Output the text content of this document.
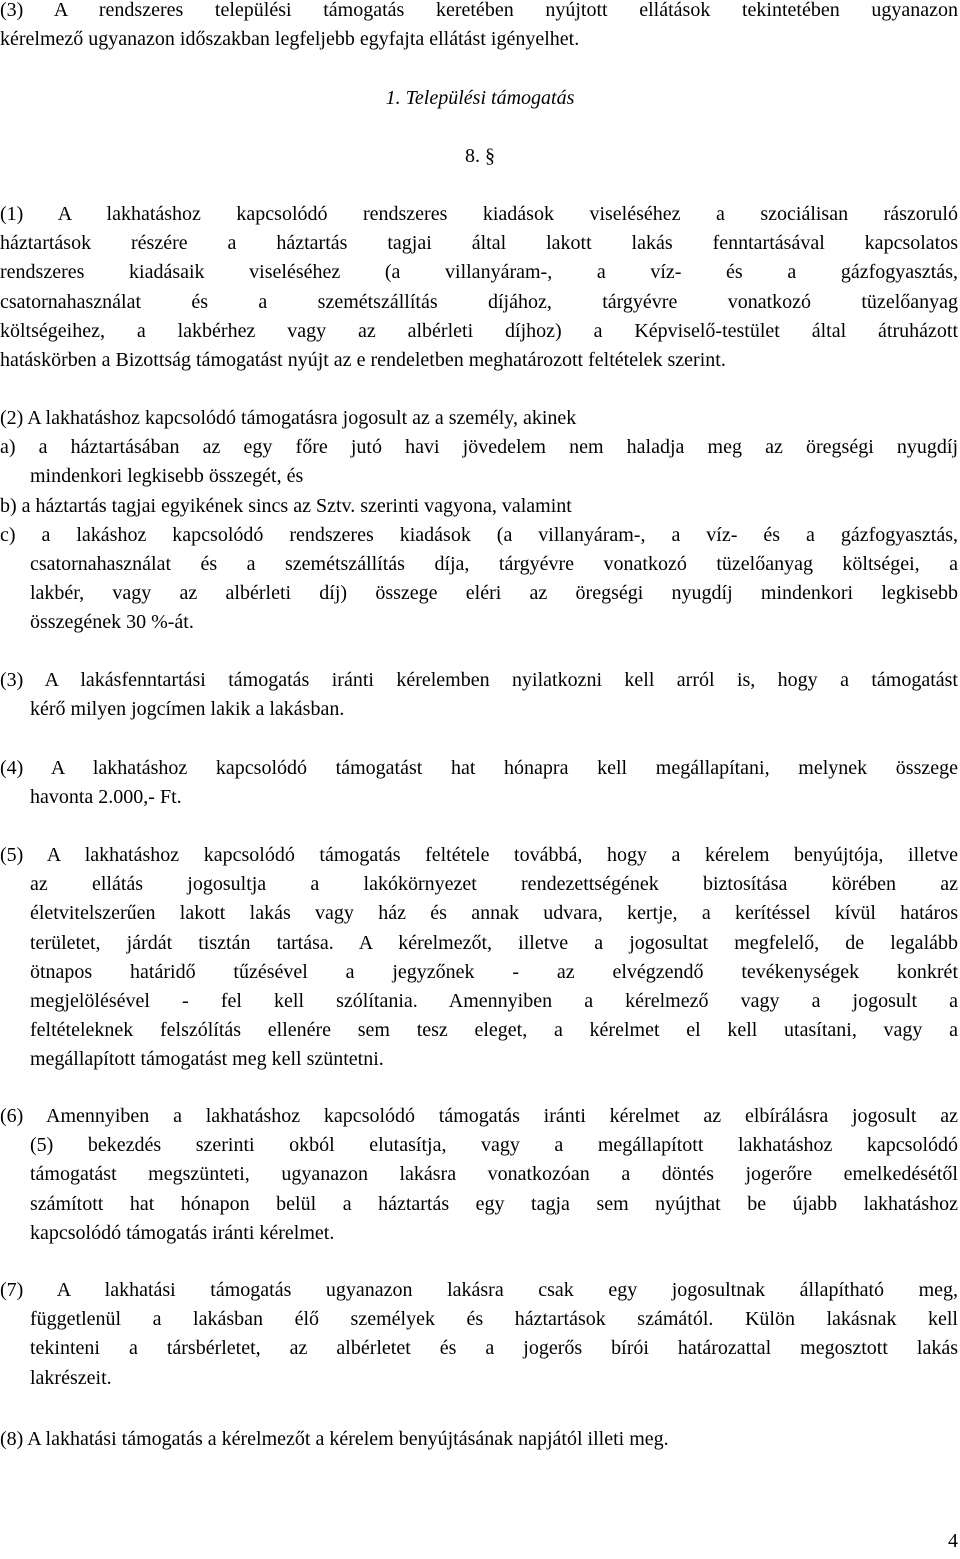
(3) A rendszeres települési támogatás keretében nyújtott ellátások tekintetében ugyanazon
kérelmező ugyanazon időszakban legfeljebb egyfajta ellátást igényelhet.
1. Települési támogatás
8. §
(1) A lakhatáshoz kapcsolódó rendszeres kiadások viseléséhez a szociálisan rászoruló
háztartások részére a háztartás tagjai által lakott lakás fenntartásával kapcsolatos
rendszeres kiadásaik viseléséhez (a villanyáram-, a víz- és a gázfogyasztás,
csatornahasználat és a szemétszállítás díjához, tárgyévre vonatkozó tüzelőanyag
költségeihez, a lakbérhez vagy az albérleti díjhoz) a Képviselő-testület által átruházott
hatáskörben a Bizottság támogatást nyújt az e rendeletben meghatározott feltételek szerint.
(2) A lakhatáshoz kapcsolódó támogatásra jogosult az a személy, akinek
a) a háztartásában az egy főre jutó havi jövedelem nem haladja meg az öregségi nyugdíj
mindenkori legkisebb összegét, és
b) a háztartás tagjai egyikének sincs az Sztv. szerinti vagyona, valamint
c) a lakáshoz kapcsolódó rendszeres kiadások (a villanyáram-, a víz- és a gázfogyasztás,
csatornahasználat és a szemétszállítás díja, tárgyévre vonatkozó tüzelőanyag költségei, a
lakbér, vagy az albérleti díj) összege eléri az öregségi nyugdíj mindenkori legkisebb
összegének 30 %-át.
(3) A lakásfenntartási támogatás iránti kérelemben nyilatkozni kell arról is, hogy a támogatást
kérő milyen jogcímen lakik a lakásban.
(4) A lakhatáshoz kapcsolódó támogatást hat hónapra kell megállapítani, melynek összege
havonta 2.000,- Ft.
(5) A lakhatáshoz kapcsolódó támogatás feltétele továbbá, hogy a kérelem benyújtója, illetve
az ellátás jogosultja a lakókörnyezet rendezettségének biztosítása körében az
életvitelszerűen lakott lakás vagy ház és annak udvara, kertje, a kerítéssel kívül határos
területet, járdát tisztán tartása. A kérelmezőt, illetve a jogosultat megfelelő, de legalább
ötnapos határidő tűzésével a jegyzőnek - az elvégzendő tevékenységek konkrét
megjelölésével - fel kell szólítania. Amennyiben a kérelmező vagy a jogosult a
feltételeknek felszólítás ellenére sem tesz eleget, a kérelmet el kell utasítani, vagy a
megállapított támogatást meg kell szüntetni.
(6) Amennyiben a lakhatáshoz kapcsolódó támogatás iránti kérelmet az elbírálásra jogosult az
(5) bekezdés szerinti okból elutasítja, vagy a megállapított lakhatáshoz kapcsolódó
támogatást megszünteti, ugyanazon lakásra vonatkozóan a döntés jogerőre emelkedésétől
számított hat hónapon belül a háztartás egy tagja sem nyújthat be újabb lakhatáshoz
kapcsolódó támogatás iránti kérelmet.
(7) A lakhatási támogatás ugyanazon lakásra csak egy jogosultnak állapítható meg,
függetlenül a lakásban élő személyek és háztartások számától. Külön lakásnak kell
tekinteni a társbérletet, az albérletet és a jogerős bírói határozattal megosztott lakás
lakrészeit.
(8) A lakhatási támogatás a kérelmezőt a kérelem benyújtásának napjától illeti meg.
4
